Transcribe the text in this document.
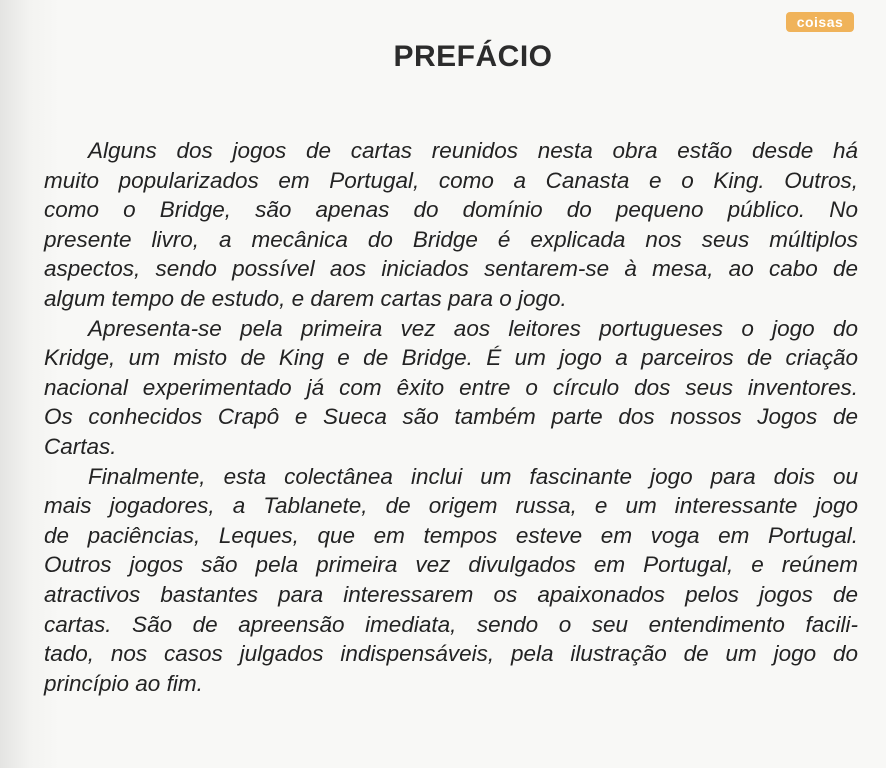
coisas
PREFÁCIO
Alguns dos jogos de cartas reunidos nesta obra estão desde há
muito popularizados em Portugal, como a Canasta e o King. Outros,
como o Bridge, são apenas do domínio do pequeno público. No
presente livro, a mecânica do Bridge é explicada nos seus múltiplos
aspectos, sendo possível aos iniciados sentarem-se à mesa, ao cabo de
algum tempo de estudo, e darem cartas para o jogo.
Apresenta-se pela primeira vez aos leitores portugueses o jogo do
Kridge, um misto de King e de Bridge. É um jogo a parceiros de criação
nacional experimentado já com êxito entre o círculo dos seus inventores.
Os conhecidos Crapô e Sueca são também parte dos nossos Jogos de
Cartas.
Finalmente, esta colectânea inclui um fascinante jogo para dois ou
mais jogadores, a Tablanete, de origem russa, e um interessante jogo
de paciências, Leques, que em tempos esteve em voga em Portugal.
Outros jogos são pela primeira vez divulgados em Portugal, e reúnem
atractivos bastantes para interessarem os apaixonados pelos jogos de
cartas. São de apreensão imediata, sendo o seu entendimento facili-
tado, nos casos julgados indispensáveis, pela ilustração de um jogo do
princípio ao fim.
